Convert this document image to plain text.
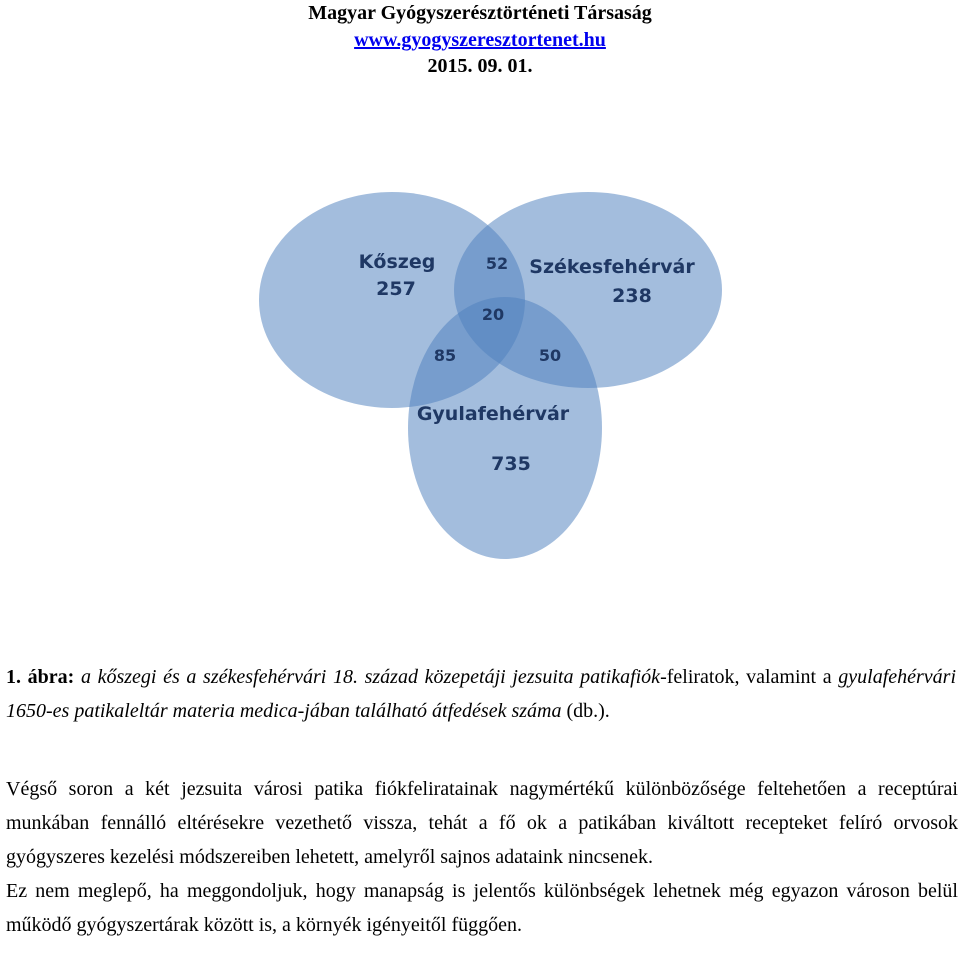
Magyar Gyógyszerésztörténeti Társaság
www.gyogyszeresztortenet.hu
2015. 09. 01.
Kőszeg
257
Székesfehérvár
238
Gyulafehérvár
735
52
20
85	50
1. ábra: a kőszegi és a székesfehérvári 18. század közepetáji jezsuita patikafiók-feliratok, valamint a gyulafehérvári 1650-es patikaleltár materia medica-jában található átfedések száma (db.).

Végső soron a két jezsuita városi patika fiókfeliratainak nagymértékű különbözősége feltehetően a receptúrai munkában fennálló eltérésekre vezethető vissza, tehát a fő ok a patikában kiváltott recepteket felíró orvosok gyógyszeres kezelési módszereiben lehetett, amelyről sajnos adataink nincsenek.

Ez nem meglepő, ha meggondoljuk, hogy manapság is jelentős különbségek lehetnek még egyazon városon belül működő gyógyszertárak között is, a környék igényeitől függően.
